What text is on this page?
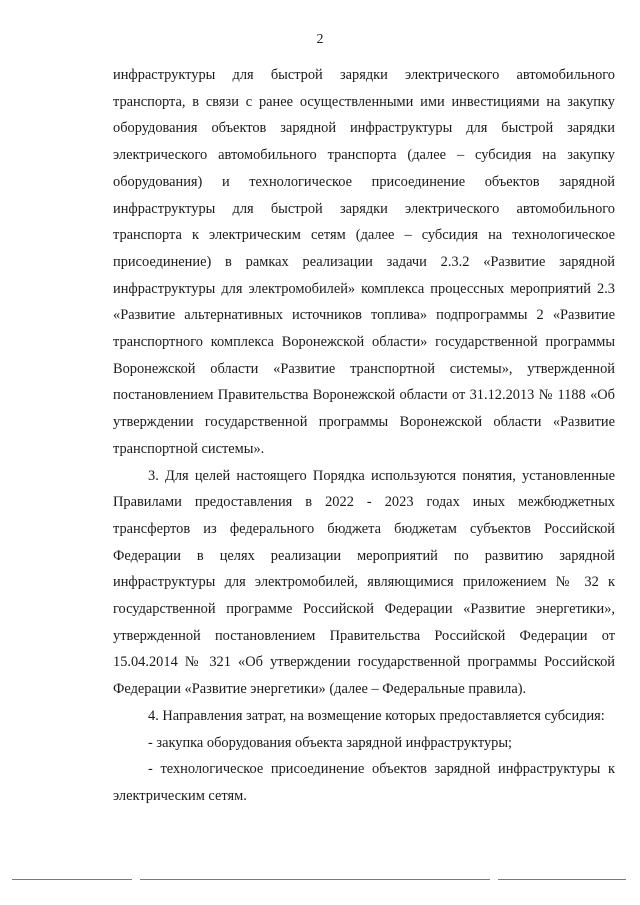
2

инфраструктуры для быстрой зарядки электрического автомобильного транспорта, в связи с ранее осуществленными ими инвестициями на закупку оборудования объектов зарядной инфраструктуры для быстрой зарядки электрического автомобильного транспорта (далее – субсидия на закупку оборудования) и технологическое присоединение объектов зарядной инфраструктуры для быстрой зарядки электрического автомобильного транспорта к электрическим сетям (далее – субсидия на технологическое присоединение) в рамках реализации задачи 2.3.2 «Развитие зарядной инфраструктуры для электромобилей» комплекса процессных мероприятий 2.3 «Развитие альтернативных источников топлива» подпрограммы 2 «Развитие транспортного комплекса Воронежской области» государственной программы Воронежской области «Развитие транспортной системы», утвержденной постановлением Правительства Воронежской области от 31.12.2013 № 1188 «Об утверждении государственной программы Воронежской области «Развитие транспортной системы».

3. Для целей настоящего Порядка используются понятия, установленные Правилами предоставления в 2022 - 2023 годах иных межбюджетных трансфертов из федерального бюджета бюджетам субъектов Российской Федерации в целях реализации мероприятий по развитию зарядной инфраструктуры для электромобилей, являющимися приложением № 32 к государственной программе Российской Федерации «Развитие энергетики», утвержденной постановлением Правительства Российской Федерации от 15.04.2014 № 321 «Об утверждении государственной программы Российской Федерации «Развитие энергетики» (далее – Федеральные правила).

4. Направления затрат, на возмещение которых предоставляется субсидия:

- закупка оборудования объекта зарядной инфраструктуры;

- технологическое присоединение объектов зарядной инфраструктуры к электрическим сетям.
